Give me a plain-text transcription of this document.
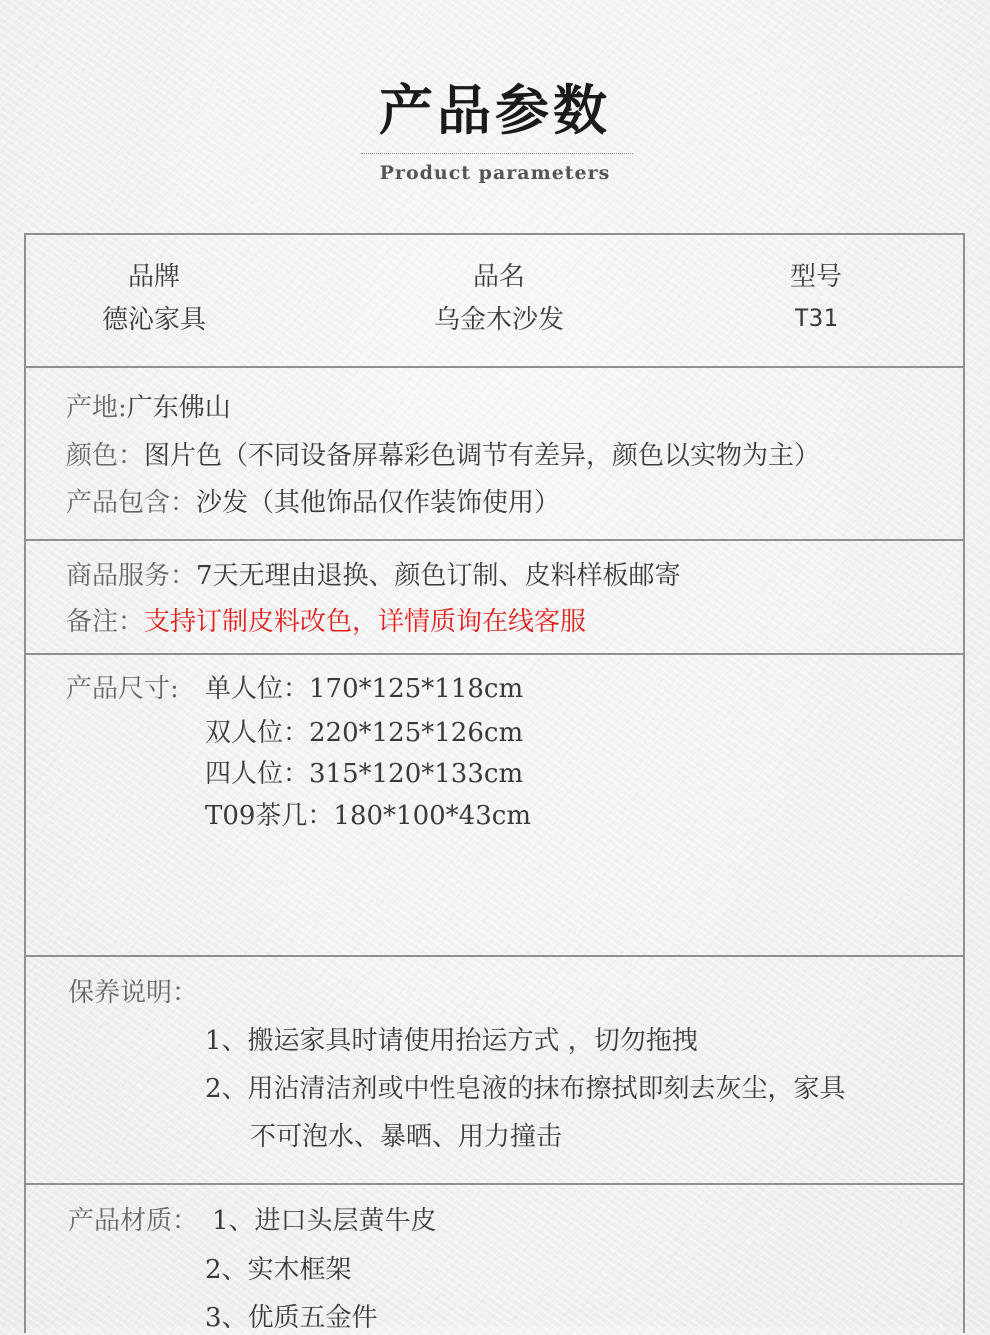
产品参数
Product parameters
品牌
德沁家具
品名
乌金木沙发
型号
T31
产地:广东佛山
颜色：图片色（不同设备屏幕彩色调节有差异，颜色以实物为主）
产品包含：沙发（其他饰品仅作装饰使用）
商品服务：7天无理由退换、颜色订制、皮料样板邮寄
备注：支持订制皮料改色，详情质询在线客服
产品尺寸: 单人位：170*125*118cm
双人位：220*125*126cm
四人位：315*120*133cm
T09茶几：180*100*43cm
保养说明：
1、搬运家具时请使用抬运方式 ，切勿拖拽
2、用沾清洁剂或中性皂液的抹布擦拭即刻去灰尘，家具
不可泡水、暴晒、用力撞击
产品材质： 1、进口头层黄牛皮
2、实木框架
3、优质五金件
